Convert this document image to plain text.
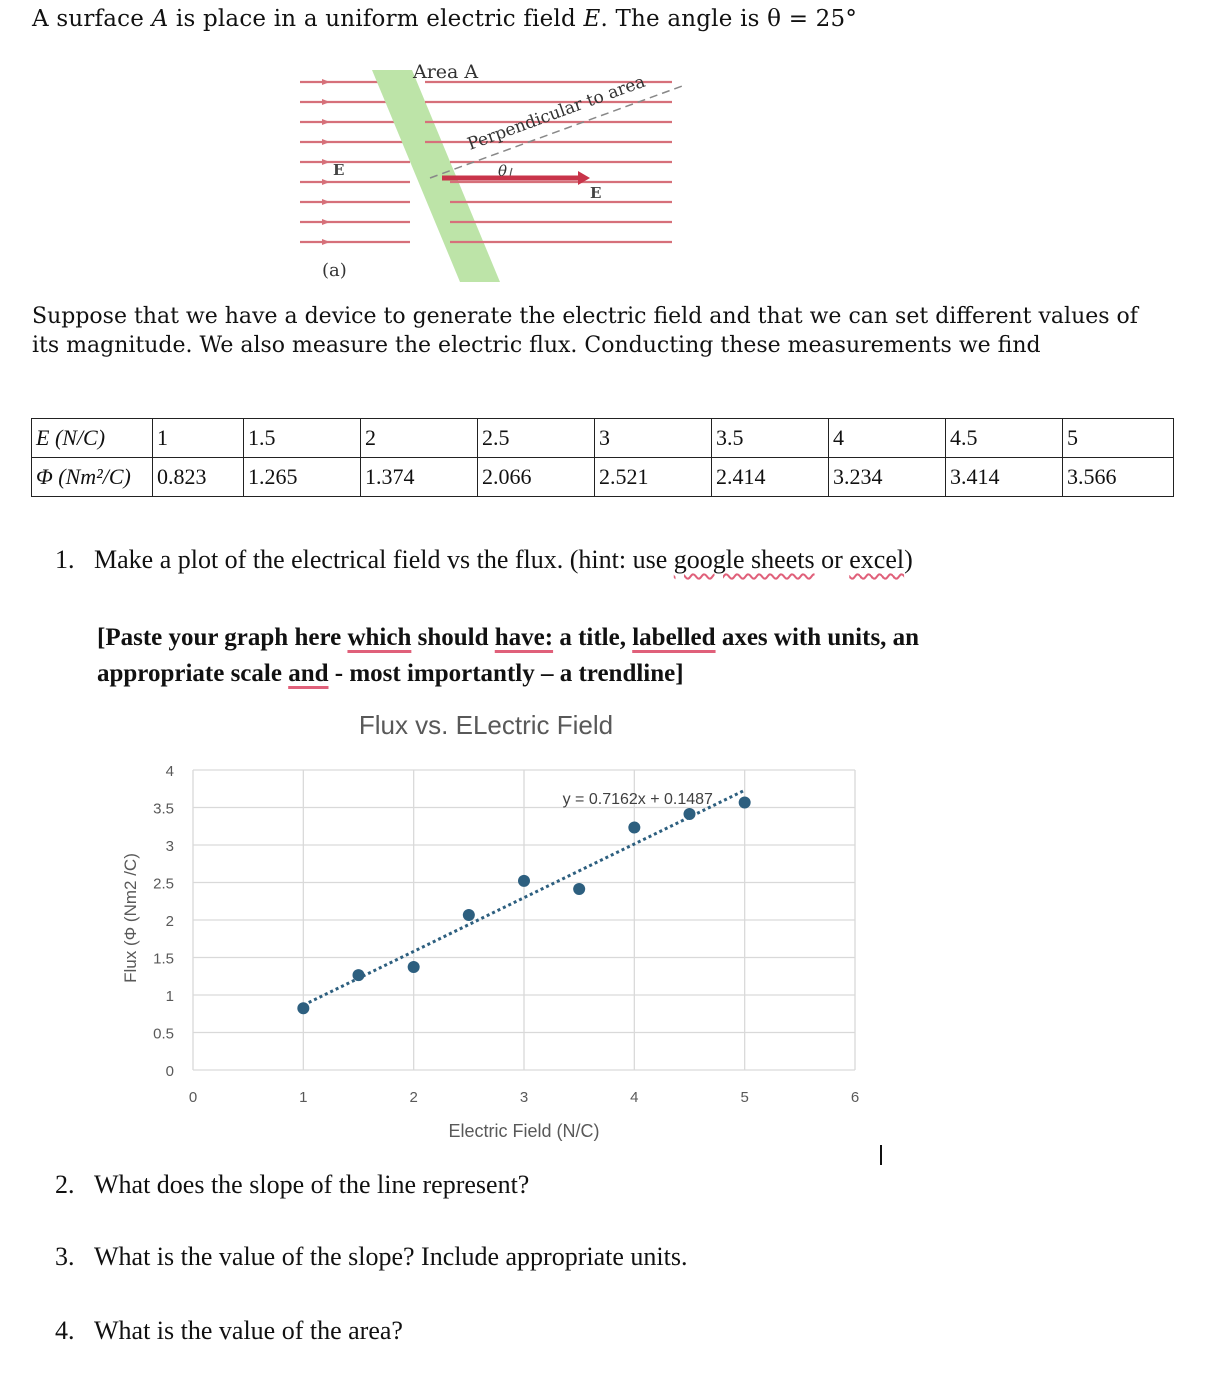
A surface A is place in a uniform electric field E. The angle is θ = 25°
Area A
Perpendicular to area
θ
E
E
(a)
Suppose that we have a device to generate the electric field and that we can set different values of its magnitude. We also measure the electric flux. Conducting these measurements we find
E (N/C)	1	1.5	2	2.5	3	3.5	4	4.5	5
Φ (Nm²/C)	0.823	1.265	1.374	2.066	2.521	2.414	3.234	3.414	3.566
1. Make a plot of the electrical field vs the flux. (hint: use google sheets or excel)
[Paste your graph here which should have: a title, labelled axes with units, an
appropriate scale and - most importantly – a trendline]
Flux vs. ELectric Field
0
0.5
1
1.5
2
2.5
3
3.5
4
0	1	2	3	4	5	6
y = 0.7162x + 0.1487
Electric Field (N/C)
Flux (Φ (Nm2 /C)
2. What does the slope of the line represent?
3. What is the value of the slope? Include appropriate units.
4. What is the value of the area?
